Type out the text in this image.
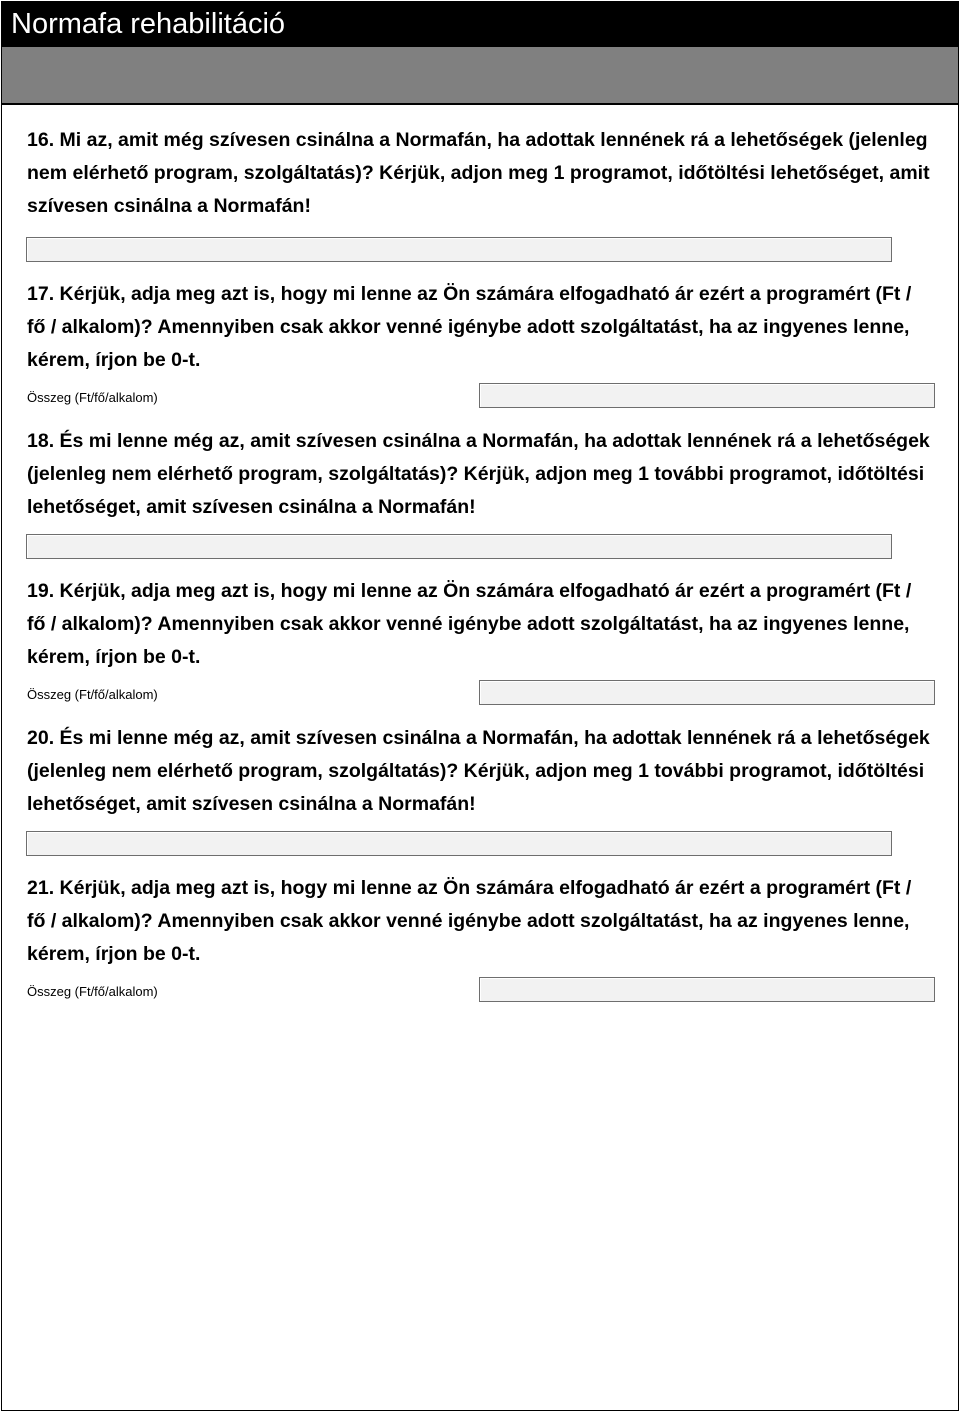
Normafa rehabilitáció

16. Mi az, amit még szívesen csinálna a Normafán, ha adottak lennének rá a lehetőségek (jelenleg nem elérhető program, szolgáltatás)? Kérjük, adjon meg 1 programot, időtöltési lehetőséget, amit szívesen csinálna a Normafán!

17. Kérjük, adja meg azt is, hogy mi lenne az Ön számára elfogadható ár ezért a programért (Ft / fő / alkalom)? Amennyiben csak akkor venné igénybe adott szolgáltatást, ha az ingyenes lenne, kérem, írjon be 0-t.

Összeg (Ft/fő/alkalom)

18. És mi lenne még az, amit szívesen csinálna a Normafán, ha adottak lennének rá a lehetőségek (jelenleg nem elérhető program, szolgáltatás)? Kérjük, adjon meg 1 további programot, időtöltési lehetőséget, amit szívesen csinálna a Normafán!

19. Kérjük, adja meg azt is, hogy mi lenne az Ön számára elfogadható ár ezért a programért (Ft / fő / alkalom)? Amennyiben csak akkor venné igénybe adott szolgáltatást, ha az ingyenes lenne, kérem, írjon be 0-t.

Összeg (Ft/fő/alkalom)

20. És mi lenne még az, amit szívesen csinálna a Normafán, ha adottak lennének rá a lehetőségek (jelenleg nem elérhető program, szolgáltatás)? Kérjük, adjon meg 1 további programot, időtöltési lehetőséget, amit szívesen csinálna a Normafán!

21. Kérjük, adja meg azt is, hogy mi lenne az Ön számára elfogadható ár ezért a programért (Ft / fő / alkalom)? Amennyiben csak akkor venné igénybe adott szolgáltatást, ha az ingyenes lenne, kérem, írjon be 0-t.

Összeg (Ft/fő/alkalom)
